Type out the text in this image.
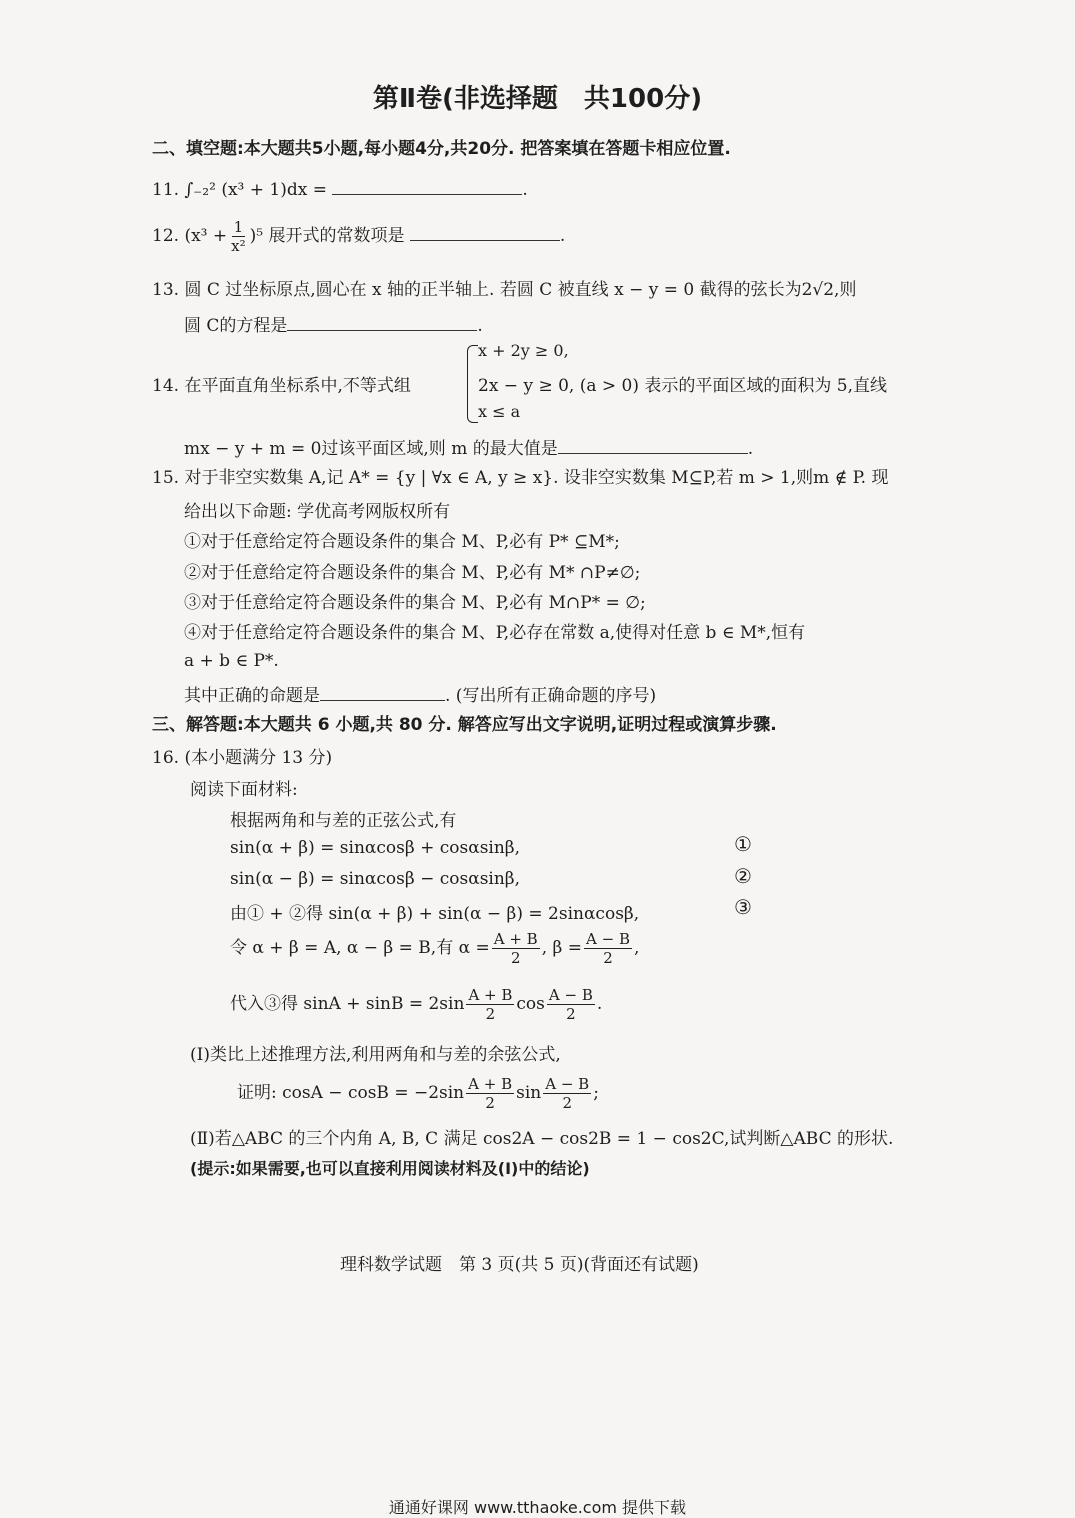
第Ⅱ卷(非选择题　共100分)
二、填空题:本大题共5小题,每小题4分,共20分. 把答案填在答题卡相应位置.
11. ∫₋₂² (x³ + 1)dx =	.
12. $(x^3 + \frac{1}{\text{x²}} )^5$ 展开式的常数项是	.
13. 圆 C 过坐标原点,圆心在 x 轴的正半轴上. 若圆 C 被直线 x − y = 0 截得的弦长为2√2,则
圆 C的方程是	.
14. 在平面直角坐标系中,不等式组
x + 2y ≥ 0,
2x − y ≥ 0, (a > 0) 表示的平面区域的面积为 5,直线
x ≤ a
mx − y + m = 0过该平面区域,则 m 的最大值是	.
15. 对于非空实数集 A,记 A* = {y | ∀x ∈ A, y ≥ x}. 设非空实数集 M⊆P,若 m > 1,则m ∉ P. 现
给出以下命题: 学优高考网版权所有
①对于任意给定符合题设条件的集合 M、P,必有 P* ⊆M*;
②对于任意给定符合题设条件的集合 M、P,必有 M* ∩P≠∅;
③对于任意给定符合题设条件的集合 M、P,必有 M∩P* = ∅;
④对于任意给定符合题设条件的集合 M、P,必存在常数 a,使得对任意 b ∈ M*,恒有
a + b ∈ P*.
其中正确的命题是	. (写出所有正确命题的序号)
三、解答题:本大题共 6 小题,共 80 分. 解答应写出文字说明,证明过程或演算步骤.
16. (本小题满分 13 分)
阅读下面材料:
根据两角和与差的正弦公式,有
sin(α + β) = sinαcosβ + cosαsinβ,
sin(α − β) = sinαcosβ − cosαsinβ,
由① + ②得 sin(α + β) + sin(α − β) = 2sinαcosβ,
①
②
③
令 α + β = A, α − β = B,有 $\alpha = \frac{A + B}{2}$ , $\beta = \frac{A - B}{2}$ ,
代入③得 $\sin A + \sin B = 2\sin \frac{A + B}{2}$ $\cos \frac{A - B}{2}$ .
(Ⅰ)类比上述推理方法,利用两角和与差的余弦公式,
证明: $\cos A - \cos B = -2\sin \frac{A + B}{2}$ $\sin \frac{A - B}{2}$ ;
(Ⅱ)若△ABC 的三个内角 A, B, C 满足 cos2A − cos2B = 1 − cos2C,试判断△ABC 的形状.
(提示:如果需要,也可以直接利用阅读材料及(Ⅰ)中的结论)
理科数学试题　第 3 页(共 5 页)(背面还有试题)
通通好课网 www.tthaoke.com 提供下载
